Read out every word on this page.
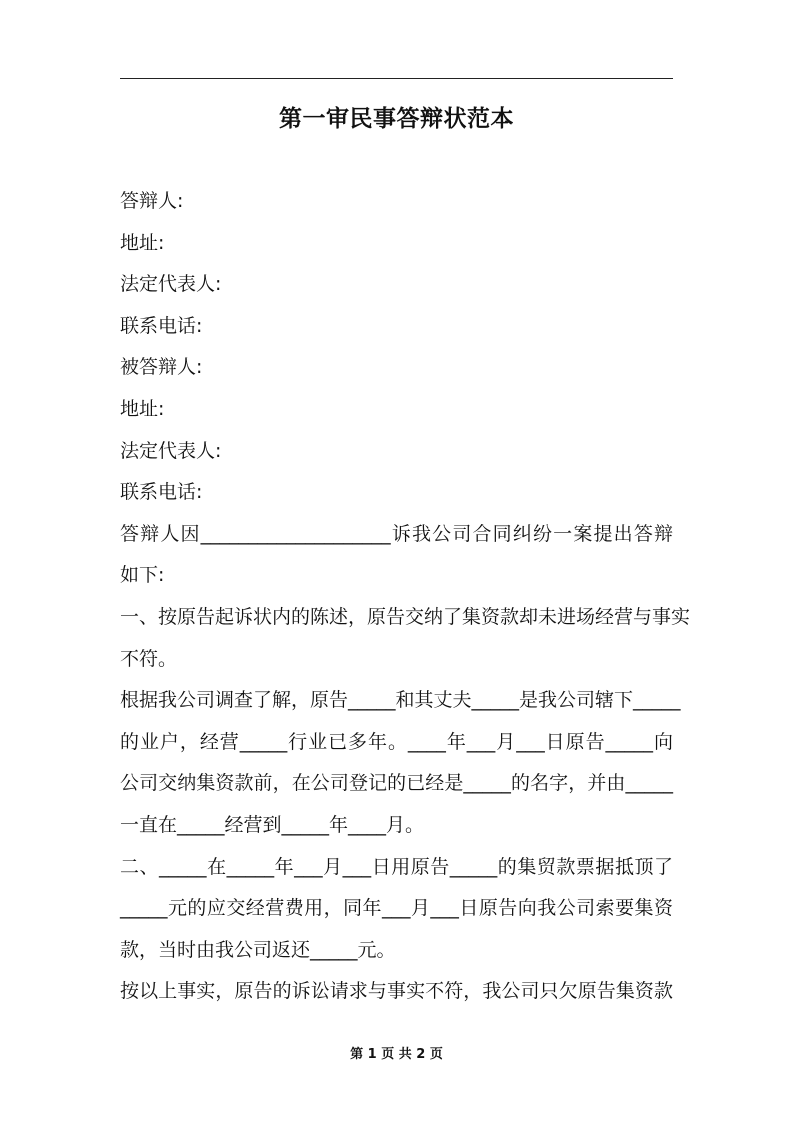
第一审民事答辩状范本
答辩人:
地址:
法定代表人:
联系电话:
被答辩人:
地址:
法定代表人:
联系电话:
答辩人因____________________诉我公司合同纠纷一案提出答辩
如下:
一、按原告起诉状内的陈述，原告交纳了集资款却未进场经营与事实
不符。
根据我公司调查了解，原告_____和其丈夫_____是我公司辖下_____
的业户，经营_____行业已多年。____年___月___日原告_____向
公司交纳集资款前，在公司登记的已经是_____的名字，并由_____
一直在_____经营到_____年____月。
二、_____在_____年___月___日用原告_____的集贸款票据抵顶了
_____元的应交经营费用，同年___月___日原告向我公司索要集资
款，当时由我公司返还_____元。
按以上事实，原告的诉讼请求与事实不符，我公司只欠原告集资款
第 1 页 共 2 页
